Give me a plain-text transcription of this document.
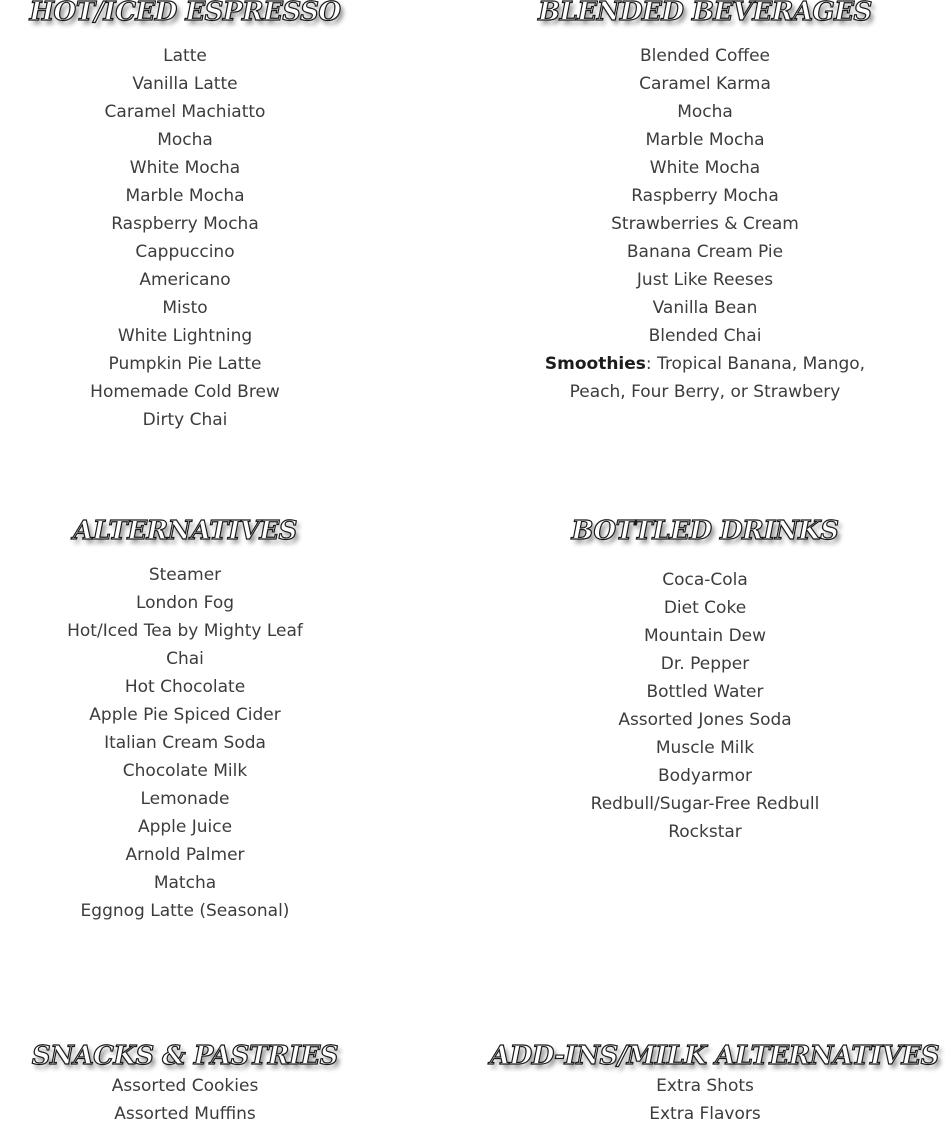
HOT/ICED ESPRESSO
Latte
Vanilla Latte
Caramel Machiatto
Mocha
White Mocha
Marble Mocha
Raspberry Mocha
Cappuccino
Americano
Misto
White Lightning
Pumpkin Pie Latte
Homemade Cold Brew
Dirty Chai
BLENDED BEVERAGES
Blended Coffee
Caramel Karma
Mocha
Marble Mocha
White Mocha
Raspberry Mocha
Strawberries & Cream
Banana Cream Pie
Just Like Reeses
Vanilla Bean
Blended Chai
Smoothies: Tropical Banana, Mango, Peach, Four Berry, or Strawbery
ALTERNATIVES
Steamer
London Fog
Hot/Iced Tea by Mighty Leaf
Chai
Hot Chocolate
Apple Pie Spiced Cider
Italian Cream Soda
Chocolate Milk
Lemonade
Apple Juice
Arnold Palmer
Matcha
Eggnog Latte (Seasonal)
BOTTLED DRINKS
Coca-Cola
Diet Coke
Mountain Dew
Dr. Pepper
Bottled Water
Assorted Jones Soda
Muscle Milk
Bodyarmor
Redbull/Sugar-Free Redbull
Rockstar
SNACKS & PASTRIES
Assorted Cookies
Assorted Muffins
ADD-INS/MILK ALTERNATIVES
Extra Shots
Extra Flavors
